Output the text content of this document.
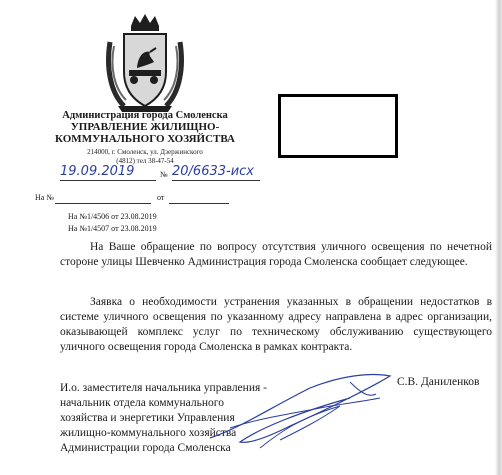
Администрация города Смоленска
УПРАВЛЕНИЕ ЖИЛИЩНО-
КОММУНАЛЬНОГО ХОЗЯЙСТВА
214000, г. Смоленск, ул. Дзержинского
(4812) тел 38-47-54
19.09.2019	№ 20/6633-исх
На №	от
На №1/4506 от 23.08.2019
На №1/4507 от 23.08.2019

На Ваше обращение по вопросу отсутствия уличного освещения по нечетной стороне улицы Шевченко Администрация города Смоленска сообщает следующее.

Заявка о необходимости устранения указанных в обращении недостатков в системе уличного освещения по указанному адресу направлена в адрес организации, оказывающей комплекс услуг по техническому обслуживанию существующего уличного освещения города Смоленска в рамках контракта.

И.о. заместителя начальника управления -
начальник отдела коммунального
хозяйства и энергетики Управления
жилищно-коммунального хозяйства
Администрации города Смоленска
С.В. Даниленков
